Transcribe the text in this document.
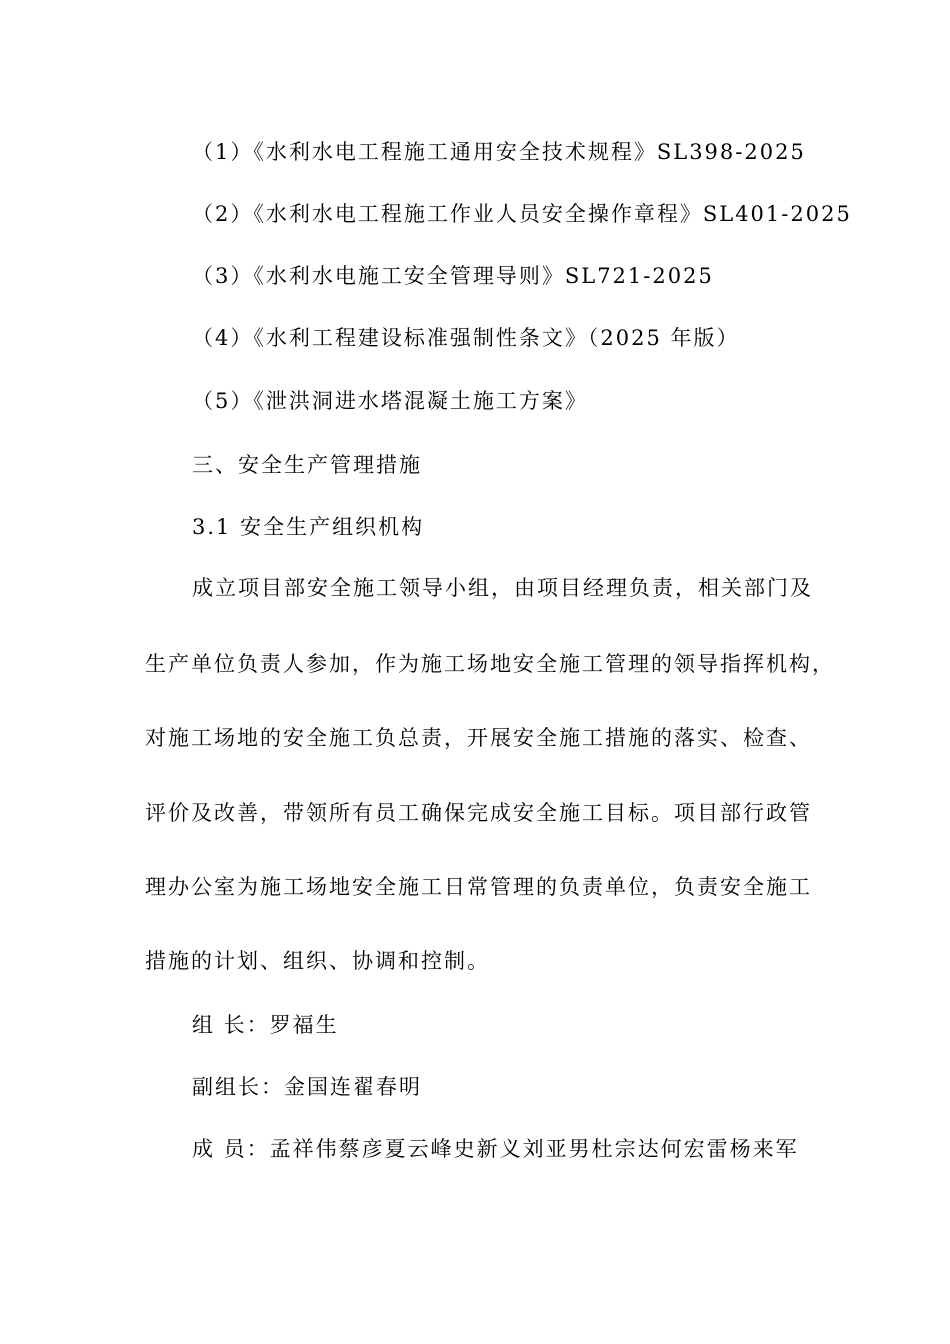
（1）《水利水电工程施工通用安全技术规程》SL398-2025
（2）《水利水电工程施工作业人员安全操作章程》SL401-2025
（3）《水利水电施工安全管理导则》SL721-2025
（4）《水利工程建设标准强制性条文》（2025 年版）
（5）《泄洪洞进水塔混凝土施工方案》
三、安全生产管理措施
3.1 安全生产组织机构
成立项目部安全施工领导小组，由项目经理负责，相关部门及
生产单位负责人参加，作为施工场地安全施工管理的领导指挥机构，
对施工场地的安全施工负总责，开展安全施工措施的落实、检查、
评价及改善，带领所有员工确保完成安全施工目标。项目部行政管
理办公室为施工场地安全施工日常管理的负责单位，负责安全施工
措施的计划、组织、协调和控制。
组 长：罗福生
副组长：金国连翟春明
成 员：孟祥伟蔡彦夏云峰史新义刘亚男杜宗达何宏雷杨来军
